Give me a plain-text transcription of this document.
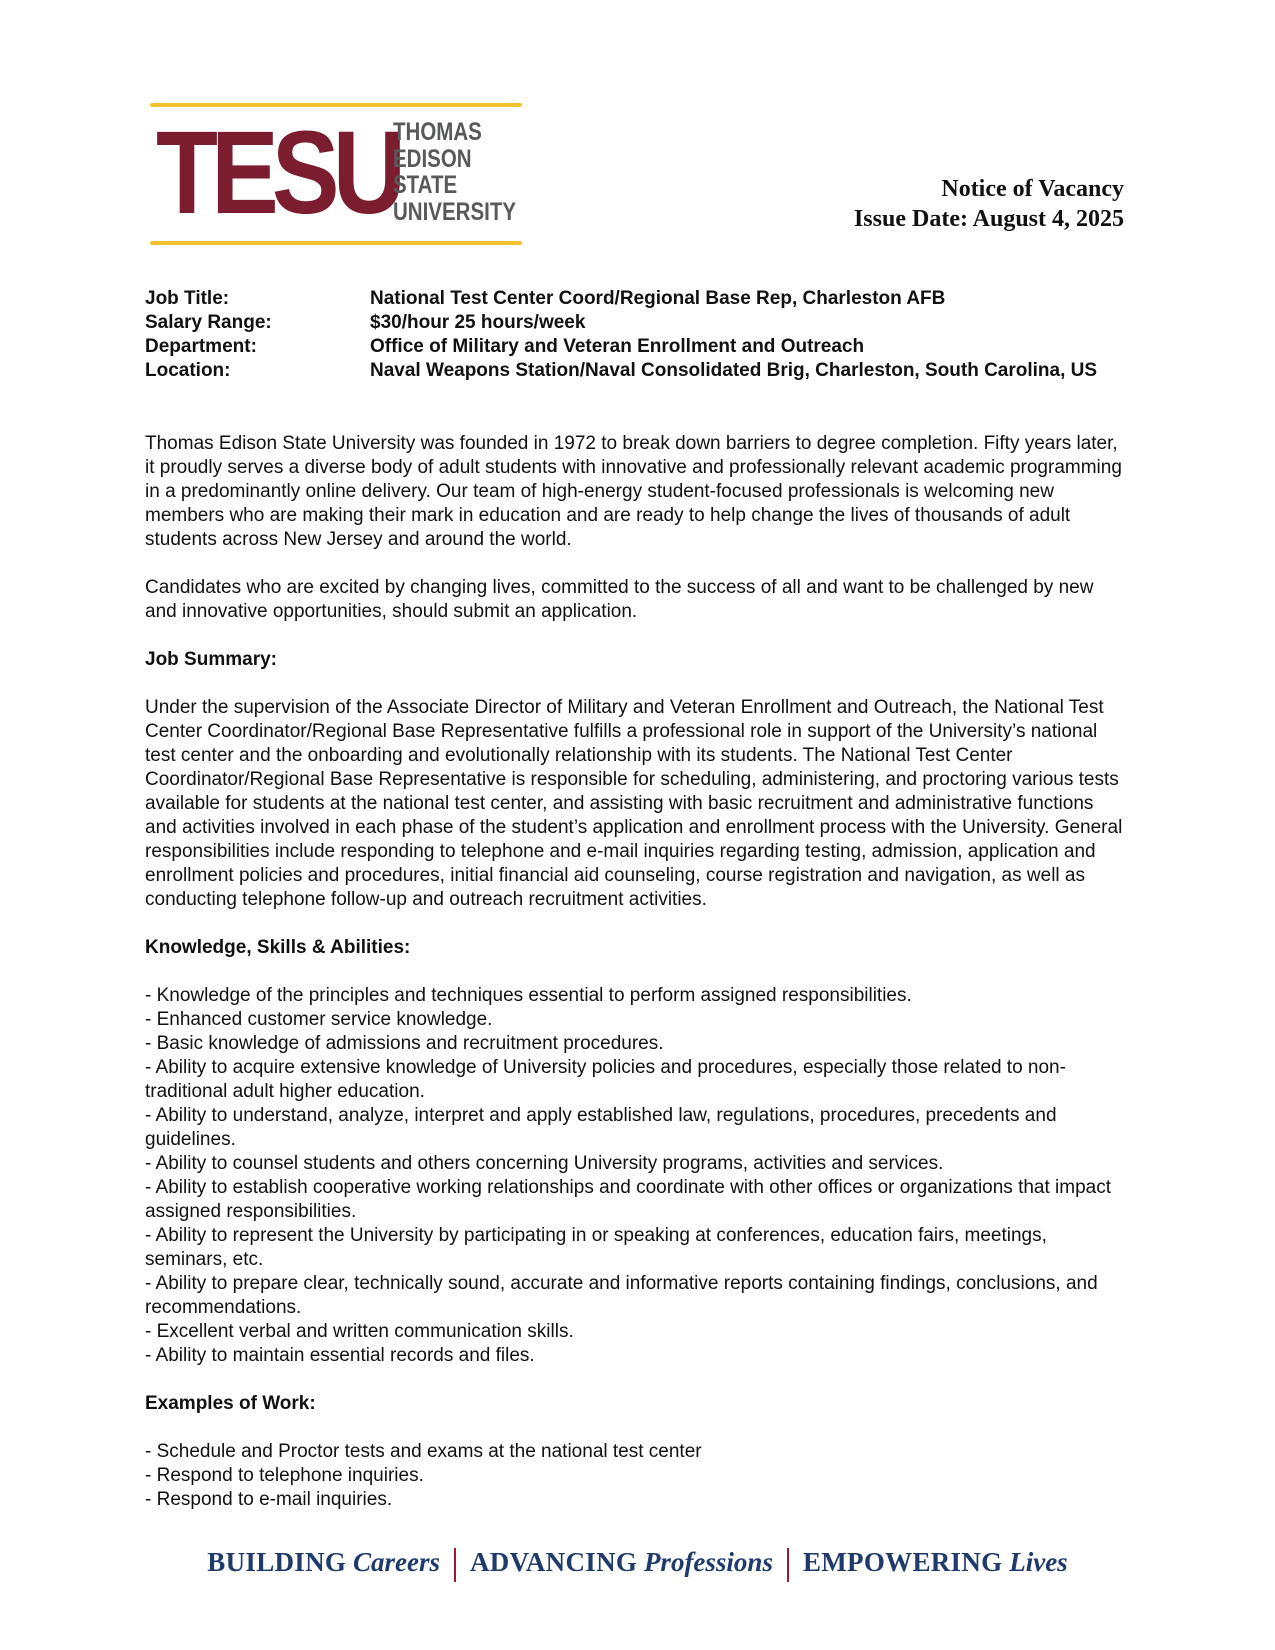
TESU
THOMAS
EDISON
STATE
UNIVERSITY
Notice of Vacancy
Issue Date: August 4, 2025
Job Title:	National Test Center Coord/Regional Base Rep, Charleston AFB
Salary Range:	$30/hour 25 hours/week
Department:	Office of Military and Veteran Enrollment and Outreach
Location:	Naval Weapons Station/Naval Consolidated Brig, Charleston, South Carolina, US

Thomas Edison State University was founded in 1972 to break down barriers to degree completion. Fifty years later, it proudly serves a diverse body of adult students with innovative and professionally relevant academic programming in a predominantly online delivery. Our team of high-energy student-focused professionals is welcoming new members who are making their mark in education and are ready to help change the lives of thousands of adult students across New Jersey and around the world.

Candidates who are excited by changing lives, committed to the success of all and want to be challenged by new and innovative opportunities, should submit an application.

Job Summary:

Under the supervision of the Associate Director of Military and Veteran Enrollment and Outreach, the National Test Center Coordinator/Regional Base Representative fulfills a professional role in support of the University’s national test center and the onboarding and evolutionally relationship with its students. The National Test Center Coordinator/Regional Base Representative is responsible for scheduling, administering, and proctoring various tests available for students at the national test center, and assisting with basic recruitment and administrative functions and activities involved in each phase of the student’s application and enrollment process with the University. General responsibilities include responding to telephone and e-mail inquiries regarding testing, admission, application and enrollment policies and procedures, initial financial aid counseling, course registration and navigation, as well as conducting telephone follow-up and outreach recruitment activities.

Knowledge, Skills & Abilities:
- Knowledge of the principles and techniques essential to perform assigned responsibilities.
- Enhanced customer service knowledge.
- Basic knowledge of admissions and recruitment procedures.
- Ability to acquire extensive knowledge of University policies and procedures, especially those related to non-traditional adult higher education.
- Ability to understand, analyze, interpret and apply established law, regulations, procedures, precedents and guidelines.
- Ability to counsel students and others concerning University programs, activities and services.
- Ability to establish cooperative working relationships and coordinate with other offices or organizations that impact assigned responsibilities.
- Ability to represent the University by participating in or speaking at conferences, education fairs, meetings, seminars, etc.
- Ability to prepare clear, technically sound, accurate and informative reports containing findings, conclusions, and recommendations.
- Excellent verbal and written communication skills.
- Ability to maintain essential records and files.
Examples of Work:
- Schedule and Proctor tests and exams at the national test center
- Respond to telephone inquiries.
- Respond to e-mail inquiries.
BUILDING Careers ADVANCING Professions EMPOWERING Lives
